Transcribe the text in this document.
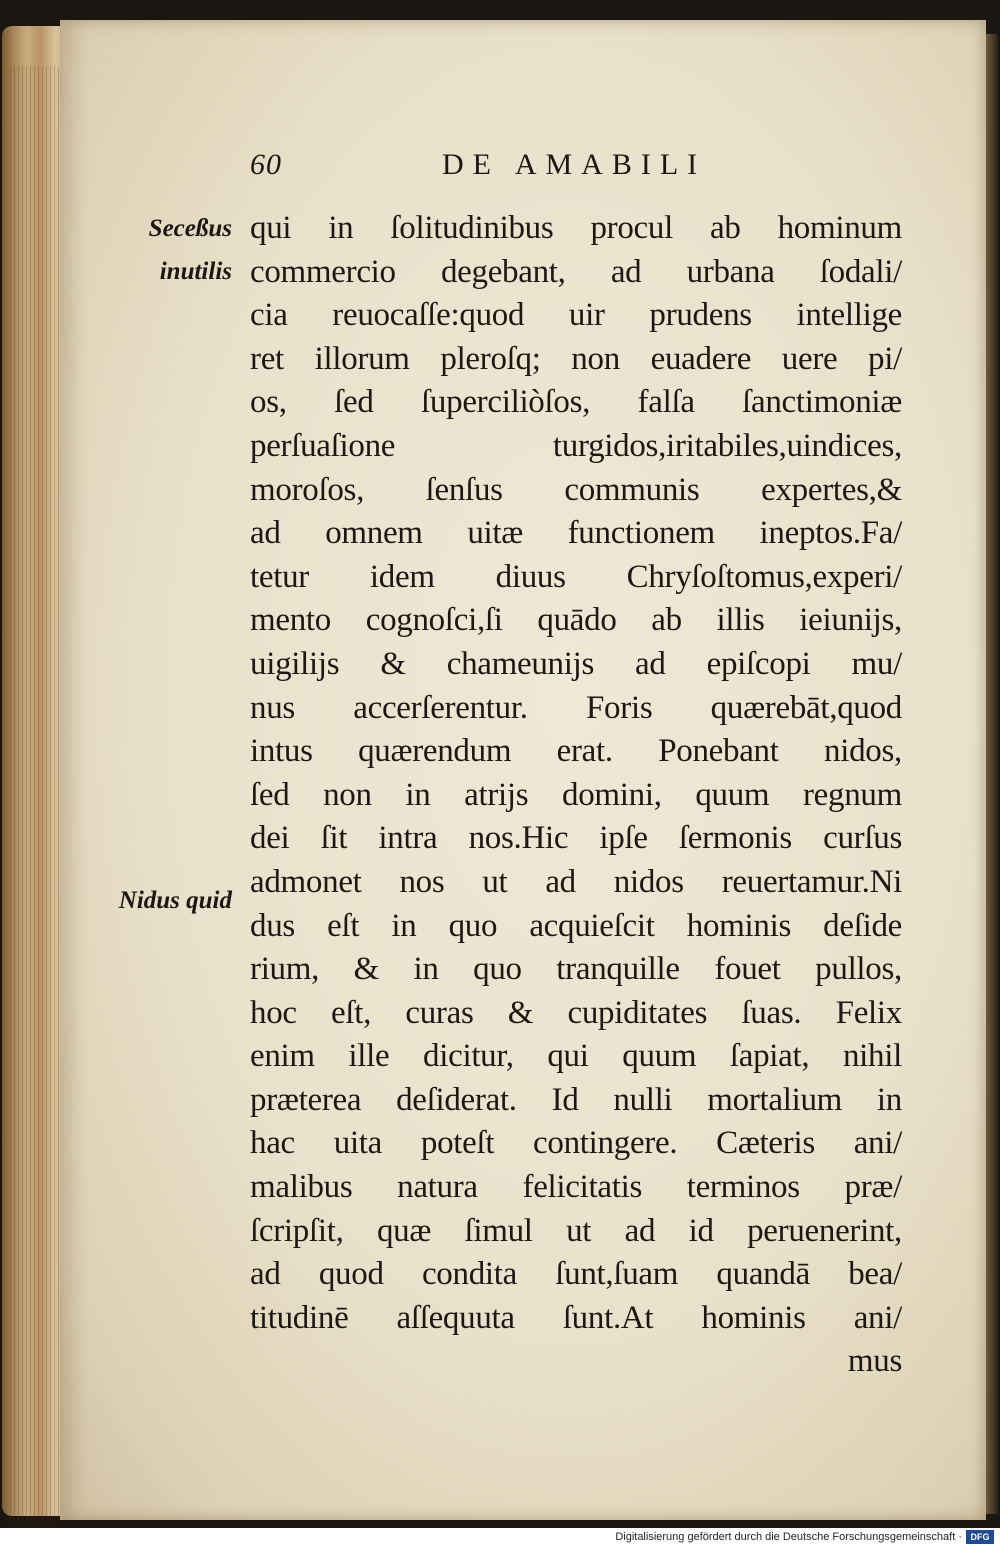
60	DE AMABILI
Seceßus
inutilis
Nidus quid
qui in ſolitudinibus procul ab hominum
commercio degebant, ad urbana ſodali/
cia reuocaſſe:quod uir prudens intellige
ret illorum pleroſq; non euadere uere pi/
os, ſed ſuperciliòſos, falſa ſanctimoniæ
perſuaſione turgidos,iritabiles,uindices,
moroſos, ſenſus communis expertes,&
ad omnem uitæ functionem ineptos.Fa/
tetur idem diuus Chryſoſtomus,experi/
mento cognoſci,ſi quādo ab illis ieiunijs,
uigilijs & chameunijs ad epiſcopi mu/
nus accerſerentur. Foris quærebāt,quod
intus quærendum erat. Ponebant nidos,
ſed non in atrijs domini, quum regnum
dei ſit intra nos.Hic ipſe ſermonis curſus
admonet nos ut ad nidos reuertamur.Ni
dus eſt in quo acquieſcit hominis deſide
rium, & in quo tranquille fouet pullos,
hoc eſt, curas & cupiditates ſuas. Felix
enim ille dicitur, qui quum ſapiat, nihil
præterea deſiderat. Id nulli mortalium in
hac uita poteſt contingere. Cæteris ani/
malibus natura felicitatis terminos præ/
ſcripſit, quæ ſimul ut ad id peruenerint,
ad quod condita ſunt,ſuam quandā bea/
titudinē aſſequuta ſunt.At hominis ani/
mus
Digitalisierung gefördert durch die Deutsche Forschungsgemeinschaft · DFG
